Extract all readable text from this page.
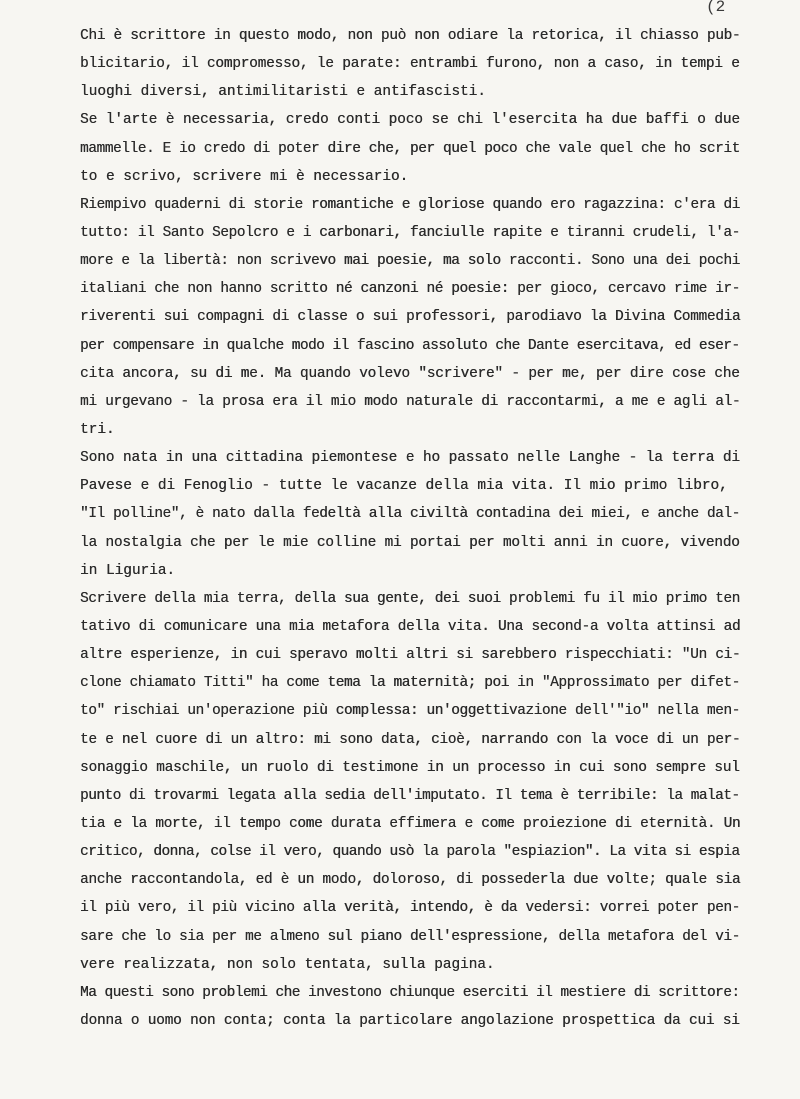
(2
Chi è scrittore in questo modo, non può non odiare la retorica, il chiasso pub-
blicitario, il compromesso, le parate: entrambi furono, non a caso, in tempi e
luoghi diversi, antimilitaristi e antifascisti.
Se l'arte è necessaria, credo conti poco se chi l'esercita ha due baffi o due
mammelle. E io credo di poter dire che, per quel poco che vale quel che ho scrit
to e scrivo, scrivere mi è necessario.
Riempivo quaderni di storie romantiche e gloriose quando ero ragazzina: c'era di
tutto: il Santo Sepolcro e i carbonari, fanciulle rapite e tiranni crudeli, l'a-
more e la libertà: non scrivevo mai poesie, ma solo racconti. Sono una dei pochi
italiani che non hanno scritto né canzoni né poesie: per gioco, cercavo rime ir-
riverenti sui compagni di classe o sui professori, parodiavo la Divina Commedia
per compensare in qualche modo il fascino assoluto che Dante esercitava, ed eser-
cita ancora, su di me. Ma quando volevo "scrivere" - per me, per dire cose che
mi urgevano - la prosa era il mio modo naturale di raccontarmi, a me e agli al-
tri.
Sono nata in una cittadina piemontese e ho passato nelle Langhe - la terra di
Pavese e di Fenoglio - tutte le vacanze della mia vita. Il mio primo libro,
"Il polline", è nato dalla fedeltà alla civiltà contadina dei miei, e anche dal-
la nostalgia che per le mie colline mi portai per molti anni in cuore, vivendo
in Liguria.
Scrivere della mia terra, della sua gente, dei suoi problemi fu il mio primo ten
tativo di comunicare una mia metafora della vita. Una second-a volta attinsi ad
altre esperienze, in cui speravo molti altri si sarebbero rispecchiati: "Un ci-
clone chiamato Titti" ha come tema la maternità; poi in "Approssimato per difet-
to" rischiai un'operazione più complessa: un'oggettivazione dell'"io" nella men-
te e nel cuore di un altro: mi sono data, cioè, narrando con la voce di un per-
sonaggio maschile, un ruolo di testimone in un processo in cui sono sempre sul
punto di trovarmi legata alla sedia dell'imputato. Il tema è terribile: la malat-
tia e la morte, il tempo come durata effimera e come proiezione di eternità. Un
critico, donna, colse il vero, quando usò la parola "espiazion". La vita si espia
anche raccontandola, ed è un modo, doloroso, di possederla due volte; quale sia
il più vero, il più vicino alla verità, intendo, è da vedersi: vorrei poter pen-
sare che lo sia per me almeno sul piano dell'espressione, della metafora del vi-
vere realizzata, non solo tentata, sulla pagina.
Ma questi sono problemi che investono chiunque eserciti il mestiere di scrittore:
donna o uomo non conta; conta la particolare angolazione prospettica da cui si
